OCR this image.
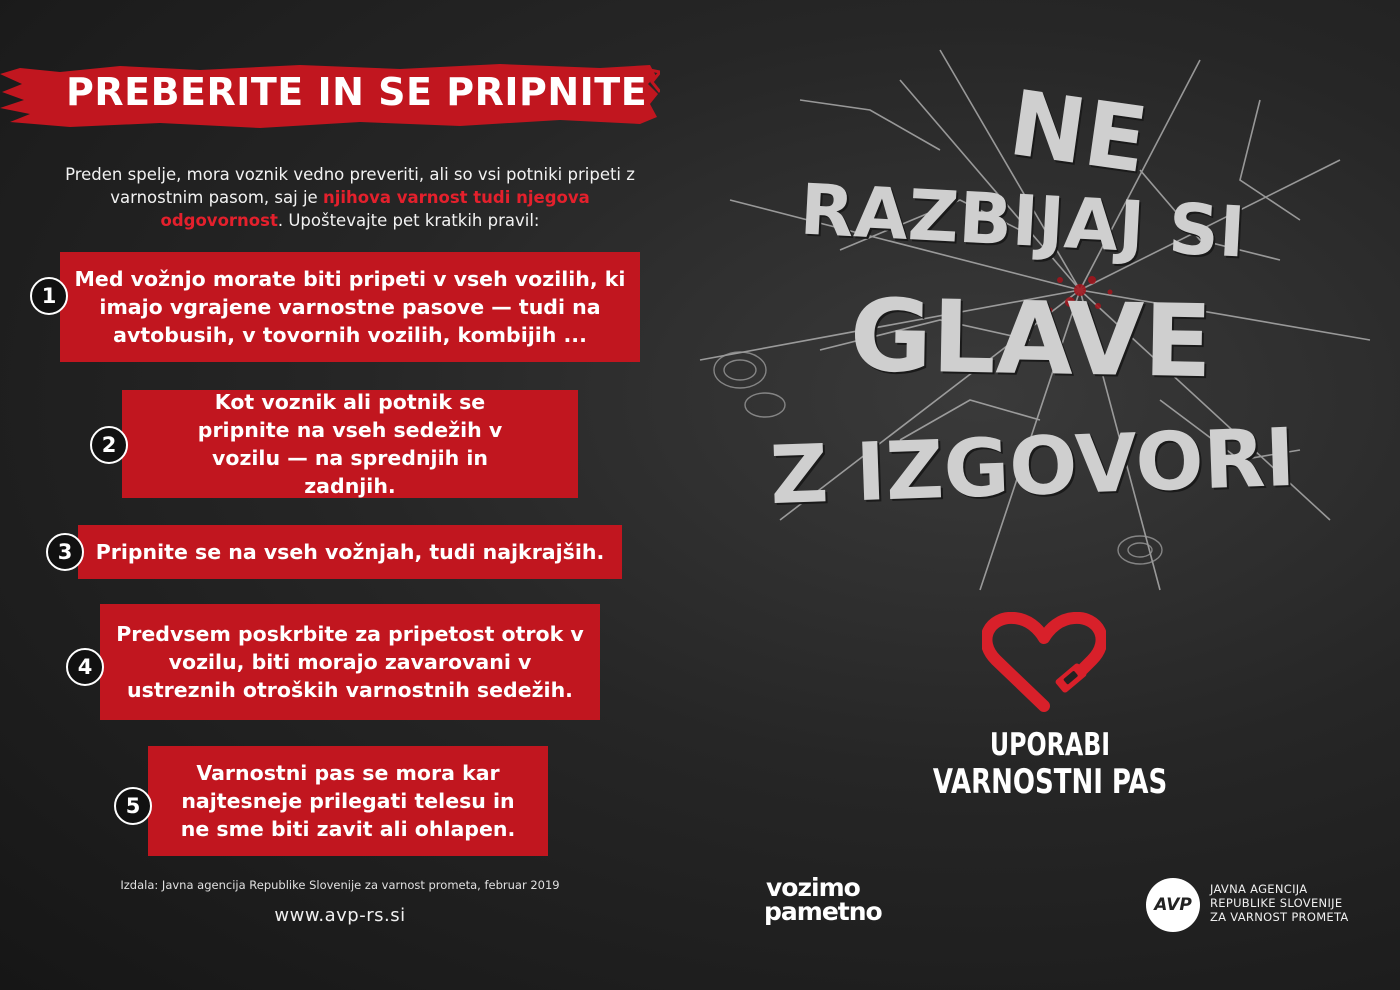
PREBERITE IN SE PRIPNITE
Preden spelje, mora voznik vedno preveriti, ali so vsi potniki pripeti z varnostnim pasom, saj je njihova varnost tudi njegova odgovornost. Upoštevajte pet kratkih pravil:
Med vožnjo morate biti pripeti v vseh vozilih, ki imajo vgrajene varnostne pasove — tudi na avtobusih, v tovornih vozilih, kombijih ...
1
Kot voznik ali potnik se pripnite na vseh sedežih v vozilu — na sprednjih in zadnjih.
2
Pripnite se na vseh vožnjah, tudi najkrajših.
3
Predvsem poskrbite za pripetost otrok v vozilu, biti morajo zavarovani v ustreznih otroških varnostnih sedežih.
4
Varnostni pas se mora kar najtesneje prilegati telesu in ne sme biti zavit ali ohlapen.
5
Izdala: Javna agencija Republike Slovenije za varnost prometa, februar 2019
www.avp-rs.si
NE
RAZBIJAJ SI
GLAVE
Z IZGOVORI
UPORABI
VARNOSTNI PAS
vozimo
pametno	AVP
JAVNA AGENCIJA
REPUBLIKE SLOVENIJE
ZA VARNOST PROMETA
